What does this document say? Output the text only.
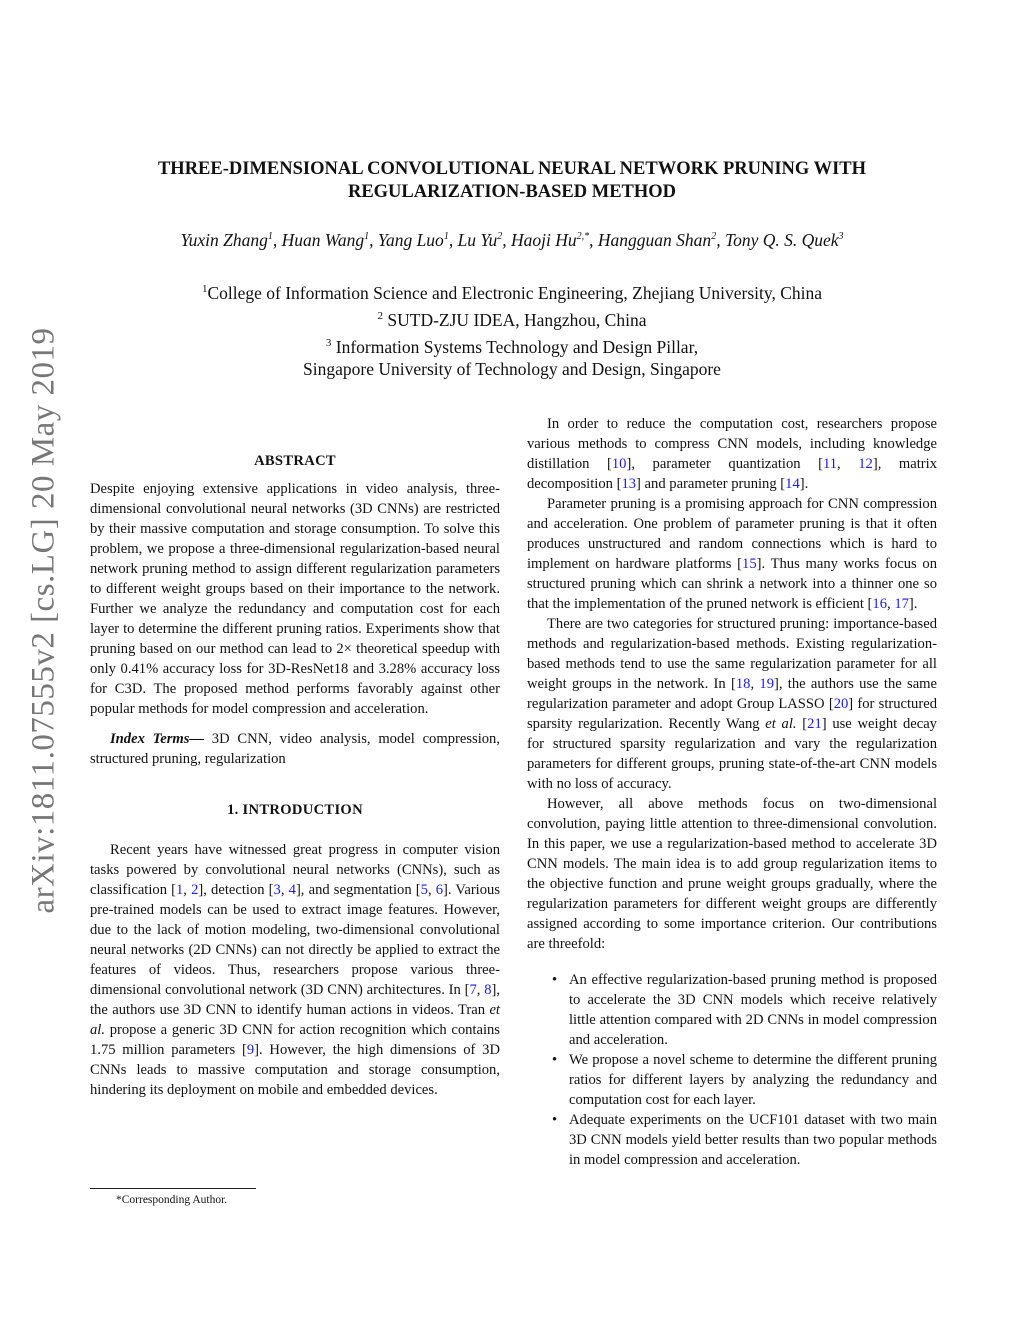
arXiv:1811.07555v2 [cs.LG] 20 May 2019
THREE-DIMENSIONAL CONVOLUTIONAL NEURAL NETWORK PRUNING WITH
REGULARIZATION-BASED METHOD
Yuxin Zhang$^1$, Huan Wang$^1$, Yang Luo$^1$, Lu Yu$^2$, Haoji $Hu^{2,*}$, Hangguan Shan$^2$, Tony Q. S. Quek$^3$
$^1$College of Information Science and Electronic Engineering, Zhejiang University, China
$^2$ SUTD-ZJU IDEA, Hangzhou, China
$^3$ Information Systems Technology and Design Pillar,
Singapore University of Technology and Design, Singapore
ABSTRACT

Despite enjoying extensive applications in video analysis, three-dimensional convolutional neural networks (3D CNNs) are restricted by their massive computation and storage consumption. To solve this problem, we propose a three-dimensional regularization-based neural network pruning method to assign different regularization parameters to different weight groups based on their importance to the network. Further we analyze the redundancy and computation cost for each layer to determine the different pruning ratios. Experiments show that pruning based on our method can lead to 2× theoretical speedup with only 0.41% accuracy loss for 3D-ResNet18 and 3.28% accuracy loss for C3D. The proposed method performs favorably against other popular methods for model compression and acceleration.

Index Terms— 3D CNN, video analysis, model compression, structured pruning, regularization

1. INTRODUCTION

Recent years have witnessed great progress in computer vision tasks powered by convolutional neural networks (CNNs), such as classification [1, 2], detection [3, 4], and segmentation [5, 6]. Various pre-trained models can be used to extract image features. However, due to the lack of motion modeling, two-dimensional convolutional neural networks (2D CNNs) can not directly be applied to extract the features of videos. Thus, researchers propose various three-dimensional convolutional network (3D CNN) architectures. In [7, 8], the authors use 3D CNN to identify human actions in videos. Tran et al. propose a generic 3D CNN for action recognition which contains 1.75 million parameters [9]. However, the high dimensions of 3D CNNs leads to massive computation and storage consumption, hindering its deployment on mobile and embedded devices.

*Corresponding Author.

In order to reduce the computation cost, researchers propose various methods to compress CNN models, including knowledge distillation [10], parameter quantization [11, 12], matrix decomposition [13] and parameter pruning [14].

Parameter pruning is a promising approach for CNN compression and acceleration. One problem of parameter pruning is that it often produces unstructured and random connections which is hard to implement on hardware platforms [15]. Thus many works focus on structured pruning which can shrink a network into a thinner one so that the implementation of the pruned network is efficient [16, 17].

There are two categories for structured pruning: importance-based methods and regularization-based methods. Existing regularization-based methods tend to use the same regularization parameter for all weight groups in the network. In [18, 19], the authors use the same regularization parameter and adopt Group LASSO [20] for structured sparsity regularization. Recently Wang et al. [21] use weight decay for structured sparsity regularization and vary the regularization parameters for different groups, pruning state-of-the-art CNN models with no loss of accuracy.

However, all above methods focus on two-dimensional convolution, paying little attention to three-dimensional convolution. In this paper, we use a regularization-based method to accelerate 3D CNN models. The main idea is to add group regularization items to the objective function and prune weight groups gradually, where the regularization parameters for different weight groups are differently assigned according to some importance criterion. Our contributions are threefold:

• An effective regularization-based pruning method is proposed to accelerate the 3D CNN models which receive relatively little attention compared with 2D CNNs in model compression and acceleration.
• We propose a novel scheme to determine the different pruning ratios for different layers by analyzing the redundancy and computation cost for each layer.
• Adequate experiments on the UCF101 dataset with two main 3D CNN models yield better results than two popular methods in model compression and acceleration.
